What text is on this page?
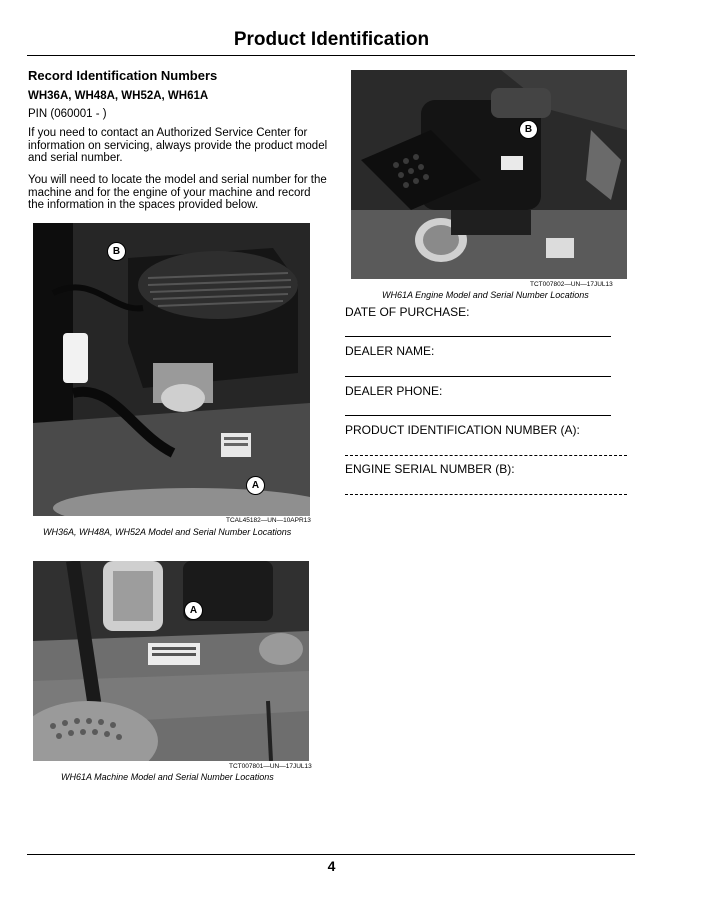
Product Identification
Record Identification Numbers
WH36A, WH48A, WH52A, WH61A
PIN (060001 - )
If you need to contact an Authorized Service Center for information on servicing, always provide the product model and serial number.
You will need to locate the model and serial number for the machine and for the engine of your machine and record the information in the spaces provided below.
B
TCT007802—UN—17JUL13
WH61A Engine Model and Serial Number Locations
B
A
TCAL45182—UN—10APR13
WH36A, WH48A, WH52A Model and Serial Number Locations
A
TCT007801—UN—17JUL13
WH61A Machine Model and Serial Number Locations
DATE OF PURCHASE:
DEALER NAME:
DEALER PHONE:
PRODUCT IDENTIFICATION NUMBER (A):
ENGINE SERIAL NUMBER (B):
4
